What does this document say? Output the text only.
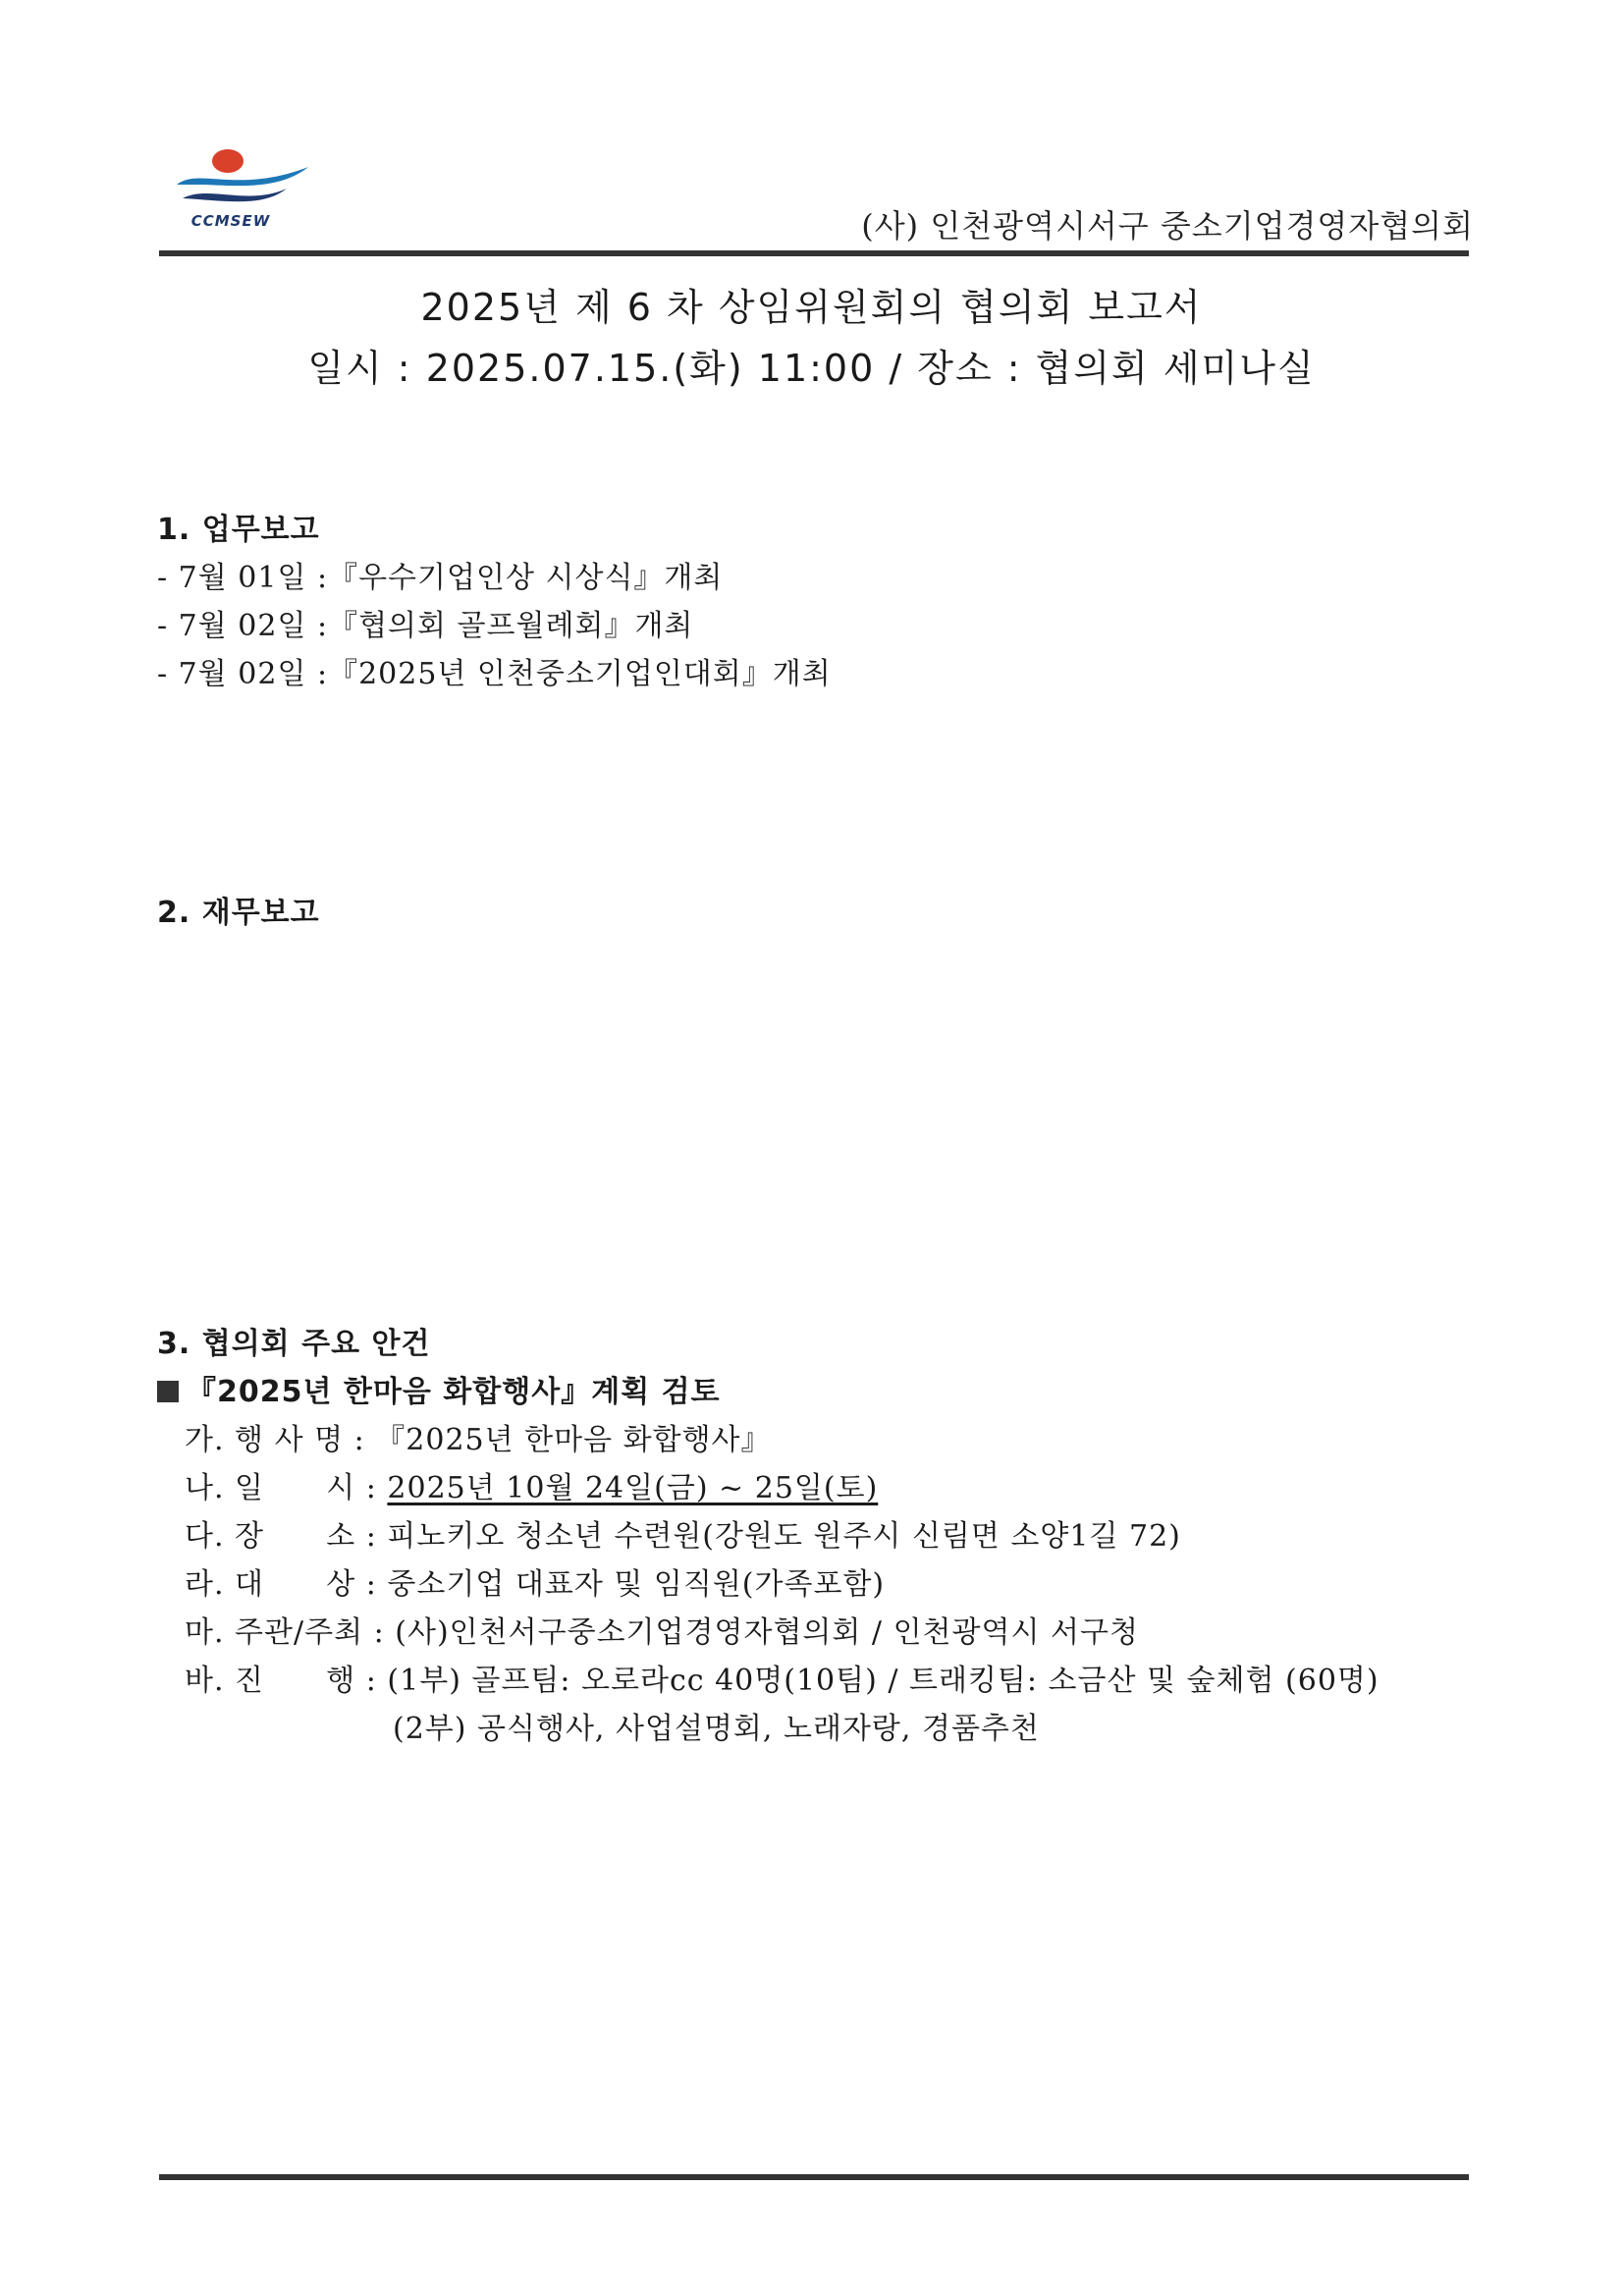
CCMSEW	(사) 인천광역시서구 중소기업경영자협의회
2025년 제 6 차 상임위원회의 협의회 보고서
일시 : 2025.07.15.(화) 11:00 / 장소 : 협의회 세미나실
1. 업무보고
- 7월 01일 :『우수기업인상 시상식』개최
- 7월 02일 :『협의회 골프월례회』개최
- 7월 02일 :『2025년 인천중소기업인대회』개최
2. 재무보고
3. 협의회 주요 안건
『2025년 한마음 화합행사』계획 검토
가. 행 사 명 : 『2025년 한마음 화합행사』
나. 일      시 : 2025년 10월 24일(금) ~ 25일(토)
다. 장      소 : 피노키오 청소년 수련원(강원도 원주시 신림면 소양1길 72)
라. 대      상 : 중소기업 대표자 및 임직원(가족포함)
마. 주관/주최 : (사)인천서구중소기업경영자협의회 / 인천광역시 서구청
바. 진      행 : (1부) 골프팀: 오로라cc 40명(10팀) / 트래킹팀: 소금산 및 숲체험 (60명)
(2부) 공식행사, 사업설명회, 노래자랑, 경품추천
